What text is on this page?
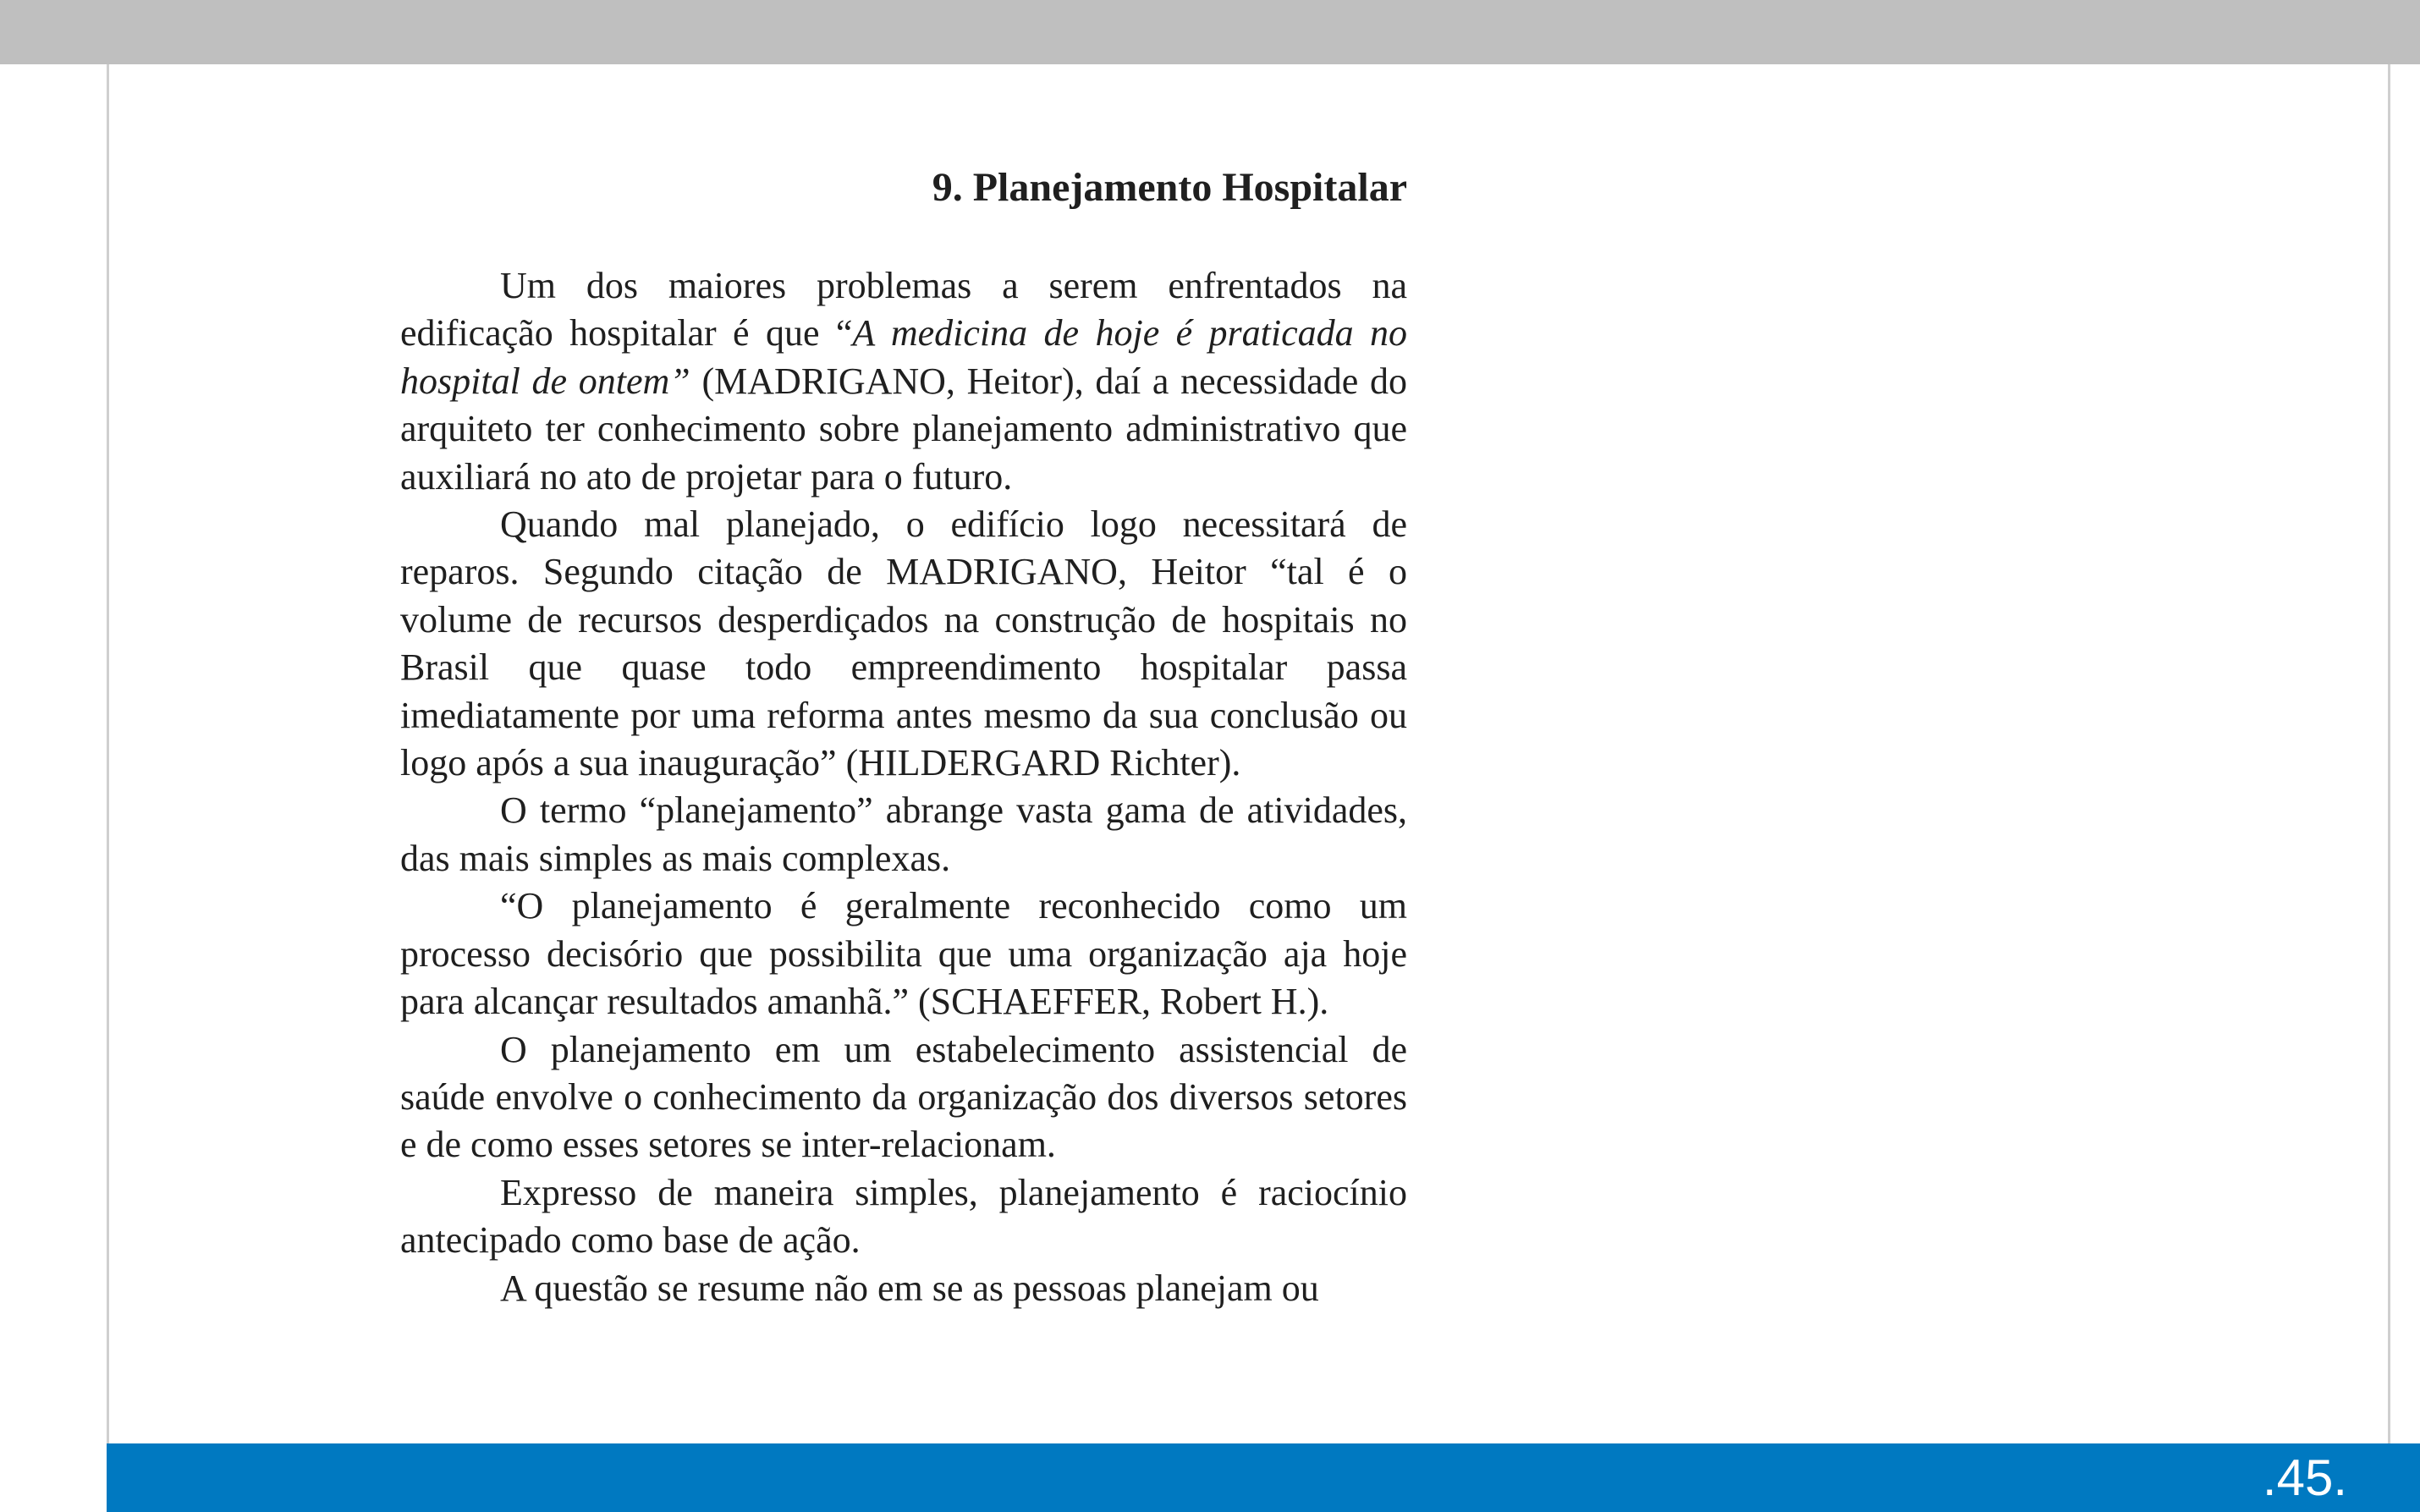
9. Planejamento Hospitalar

Um dos maiores problemas a serem enfrentados na edificação hospitalar é que “A medicina de hoje é praticada no hospital de ontem” (MADRIGANO, Heitor), daí a necessidade do arquiteto ter conhecimento sobre planejamento administrativo que auxiliará no ato de projetar para o futuro.

Quando mal planejado, o edifício logo necessitará de reparos. Segundo citação de MADRIGANO, Heitor “tal é o volume de recursos desperdiçados na construção de hospitais no Brasil que quase todo empreendimento hospitalar passa imediatamente por uma reforma antes mesmo da sua conclusão ou logo após a sua inauguração” (HILDERGARD Richter).

O termo “planejamento” abrange vasta gama de atividades, das mais simples as mais complexas.

“O planejamento é geralmente reconhecido como um processo decisório que possibilita que uma organização aja hoje para alcançar resultados amanhã.” (SCHAEFFER, Robert H.).

O planejamento em um estabelecimento assistencial de saúde envolve o conhecimento da organização dos diversos setores e de como esses setores se inter-relacionam.

Expresso de maneira simples, planejamento é raciocínio antecipado como base de ação.

A questão se resume não em se as pessoas planejam ou

.45.
